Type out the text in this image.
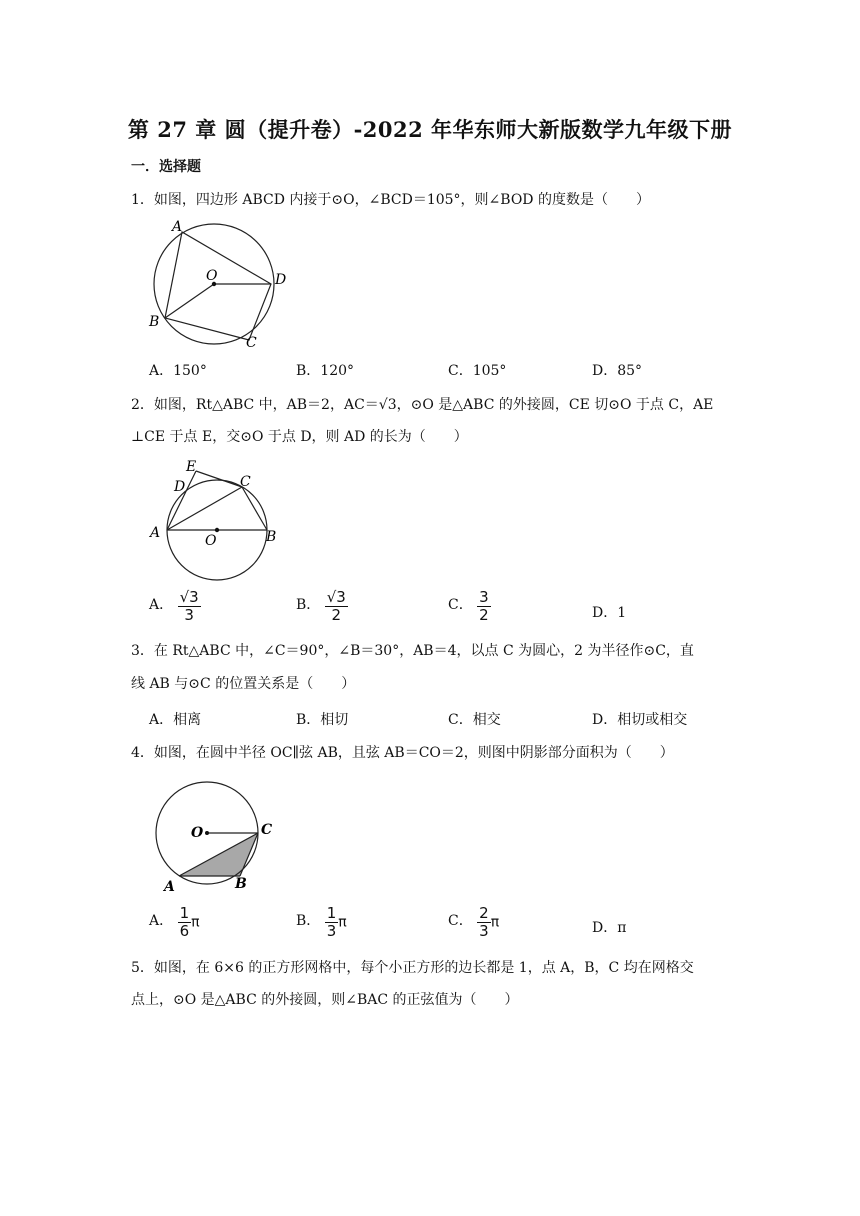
第 27 章 圆（提升卷）-2022 年华东师大新版数学九年级下册
一．选择题
1．如图，四边形 ABCD 内接于⊙O，∠BCD＝105°，则∠BOD 的度数是（　　）
A
B
C
D
O
A．150°	B．120°	C．105°	D．85°
2．如图，Rt△ABC 中，AB＝2，AC＝√3，⊙O 是△ABC 的外接圆，CE 切⊙O 于点 C，AE
⊥CE 于点 E，交⊙O 于点 D，则 AD 的长为（　　）
E
D	C
A	B
O
A． $\frac{√3}{3}$	B． $\frac{√3}{2}$	C． $\frac{3}{2}$	D．1
3．在 Rt△ABC 中，∠C＝90°，∠B＝30°，AB＝4，以点 C 为圆心，2 为半径作⊙C，直
线 AB 与⊙C 的位置关系是（　　）
A．相离	B．相切	C．相交	D．相切或相交
4．如图，在圆中半径 OC∥弦 AB，且弦 AB＝CO＝2，则图中阴影部分面积为（　　）
O	C
A	B
A． $\frac{1}{6}$ π	B． $\frac{1}{3}$ π	C． $\frac{2}{3}$ π	D．π
5．如图，在 6×6 的正方形网格中，每个小正方形的边长都是 1，点 A，B，C 均在网格交
点上，⊙O 是△ABC 的外接圆，则∠BAC 的正弦值为（　　）
